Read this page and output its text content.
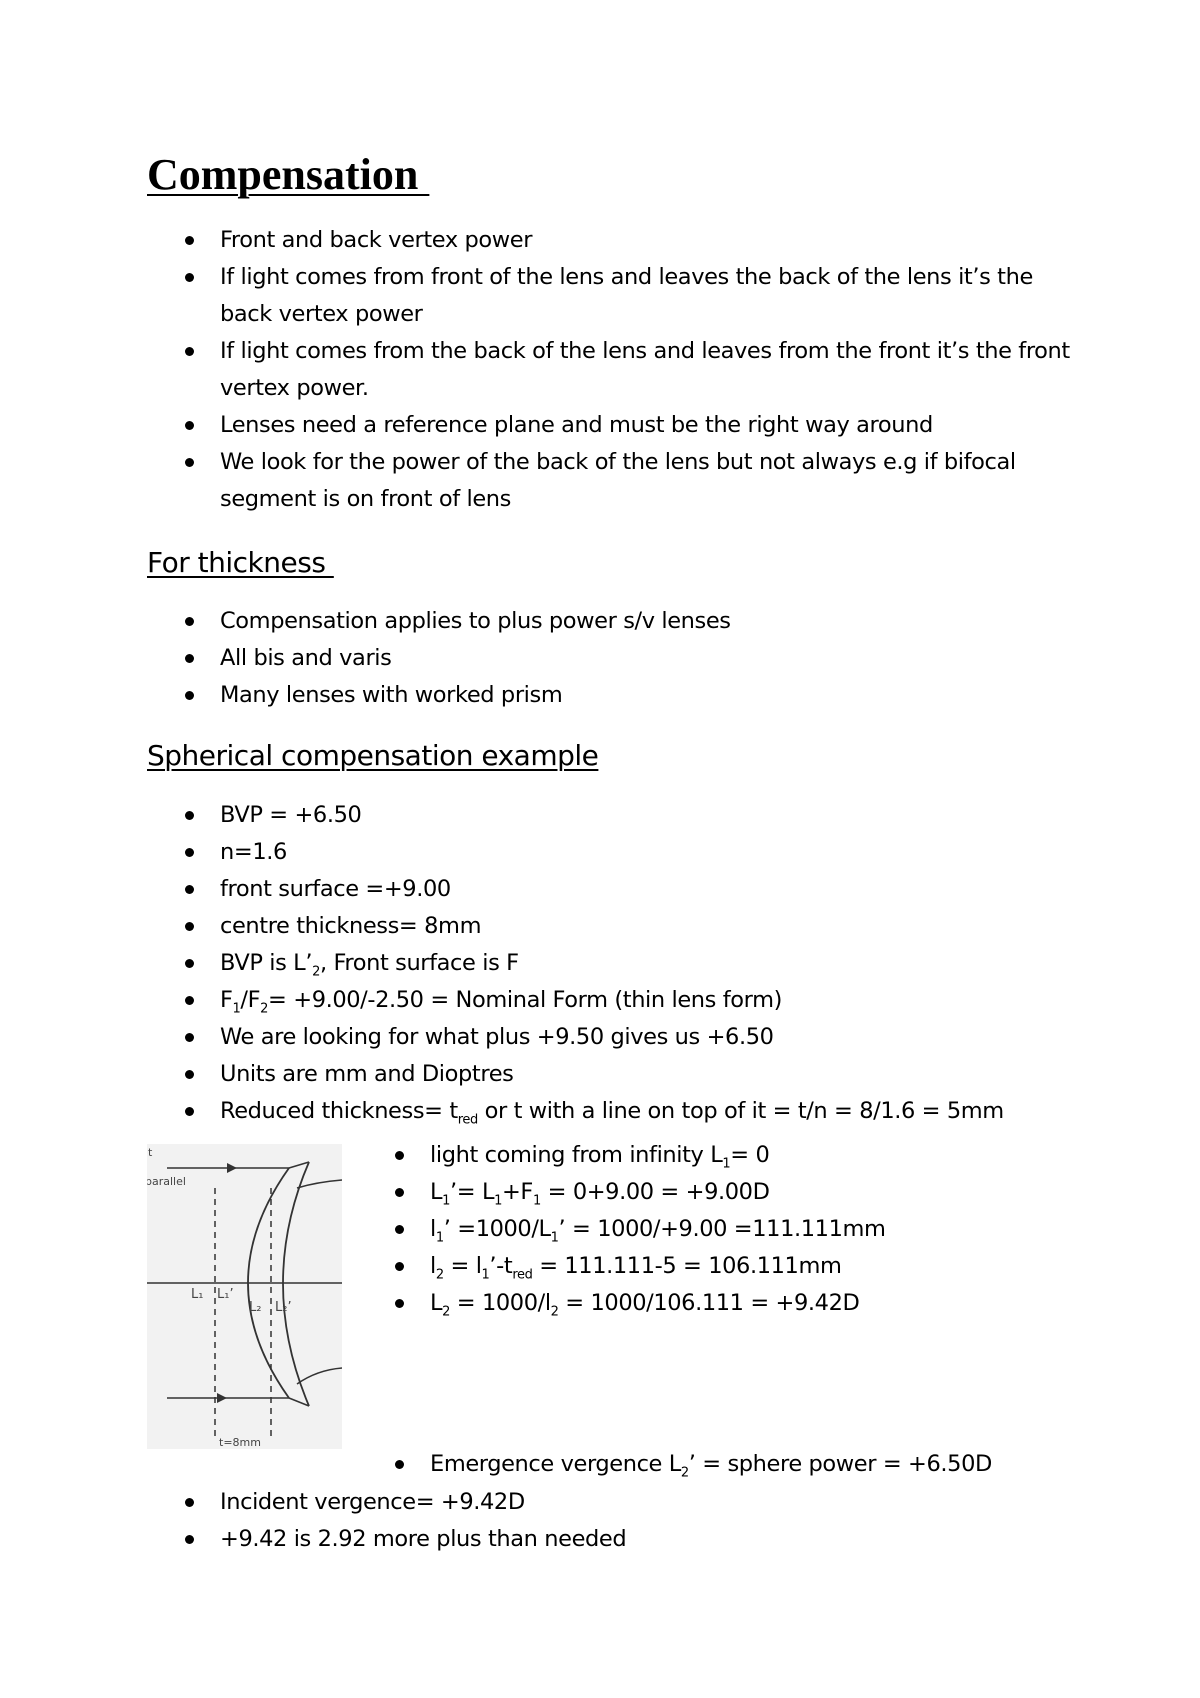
Compensation
Front and back vertex power
If light comes from front of the lens and leaves the back of the lens it’s the back vertex power
If light comes from the back of the lens and leaves from the front it’s the front vertex power.
Lenses need a reference plane and must be the right way around
We look for the power of the back of the lens but not always e.g if bifocal segment is on front of lens
For thickness
Compensation applies to plus power s/v lenses
All bis and varis
Many lenses with worked prism
Spherical compensation example
BVP = +6.50
n=1.6
front surface =+9.00
centre thickness= 8mm
BVP is $L’_2$, Front surface is F
$F_1/F_2= +9.00/-2.50$ = Nominal Form (thin lens form)
We are looking for what plus +9.50 gives us +6.50
Units are mm and Dioptres
Reduced thickness= $t_{red}$ or t with a line on top of it = t/n = 8/1.6 = 5mm
t
parallel
L₁ L₁’
L₂ L₂’
t=8mm
light coming from infinity $L_1= 0$
$L_1’= L_1+F_1 = 0+9.00 = +9.00D$
$l_1$’ $=1000/L_1$’ = 1000/+9.00 =111.111mm
$l_2$ = $l_1’-t_{red} = 111.111-5 = 106.111mm$
$L_2 = 1000/l_2 = 1000/106.111 = +9.42D$
Emergence vergence $L_2$’ = sphere power = +6.50D
Incident vergence= +9.42D
+9.42 is 2.92 more plus than needed
